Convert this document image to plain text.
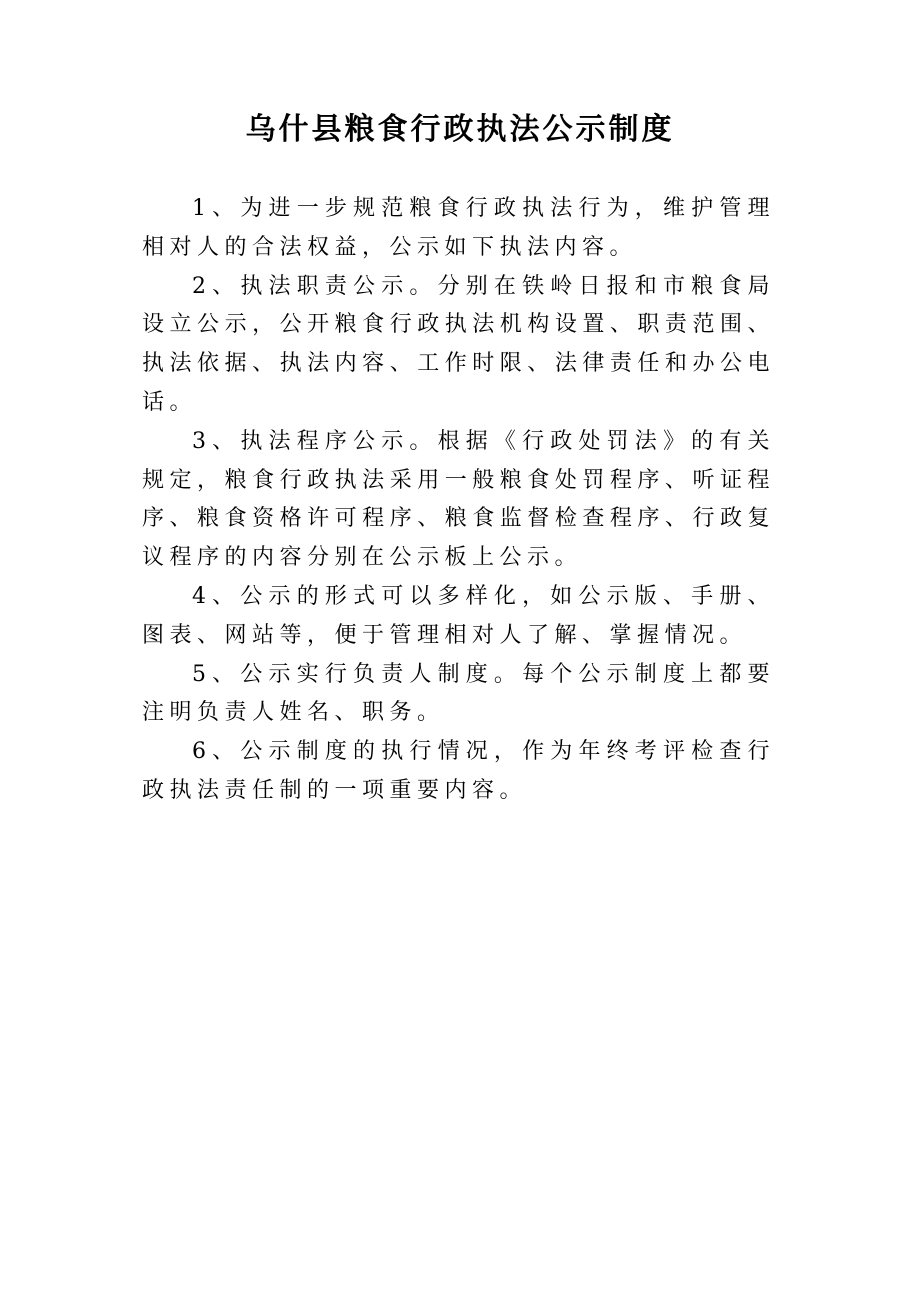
乌什县粮食行政执法公示制度

1、为进一步规范粮食行政执法行为，维护管理相对人的合法权益，公示如下执法内容。

2、执法职责公示。分别在铁岭日报和市粮食局设立公示，公开粮食行政执法机构设置、职责范围、执法依据、执法内容、工作时限、法律责任和办公电话。

3、执法程序公示。根据《行政处罚法》的有关规定，粮食行政执法采用一般粮食处罚程序、听证程序、粮食资格许可程序、粮食监督检查程序、行政复议程序的内容分别在公示板上公示。

4、公示的形式可以多样化，如公示版、手册、图表、网站等，便于管理相对人了解、掌握情况。

5、公示实行负责人制度。每个公示制度上都要注明负责人姓名、职务。

6、公示制度的执行情况，作为年终考评检查行政执法责任制的一项重要内容。
